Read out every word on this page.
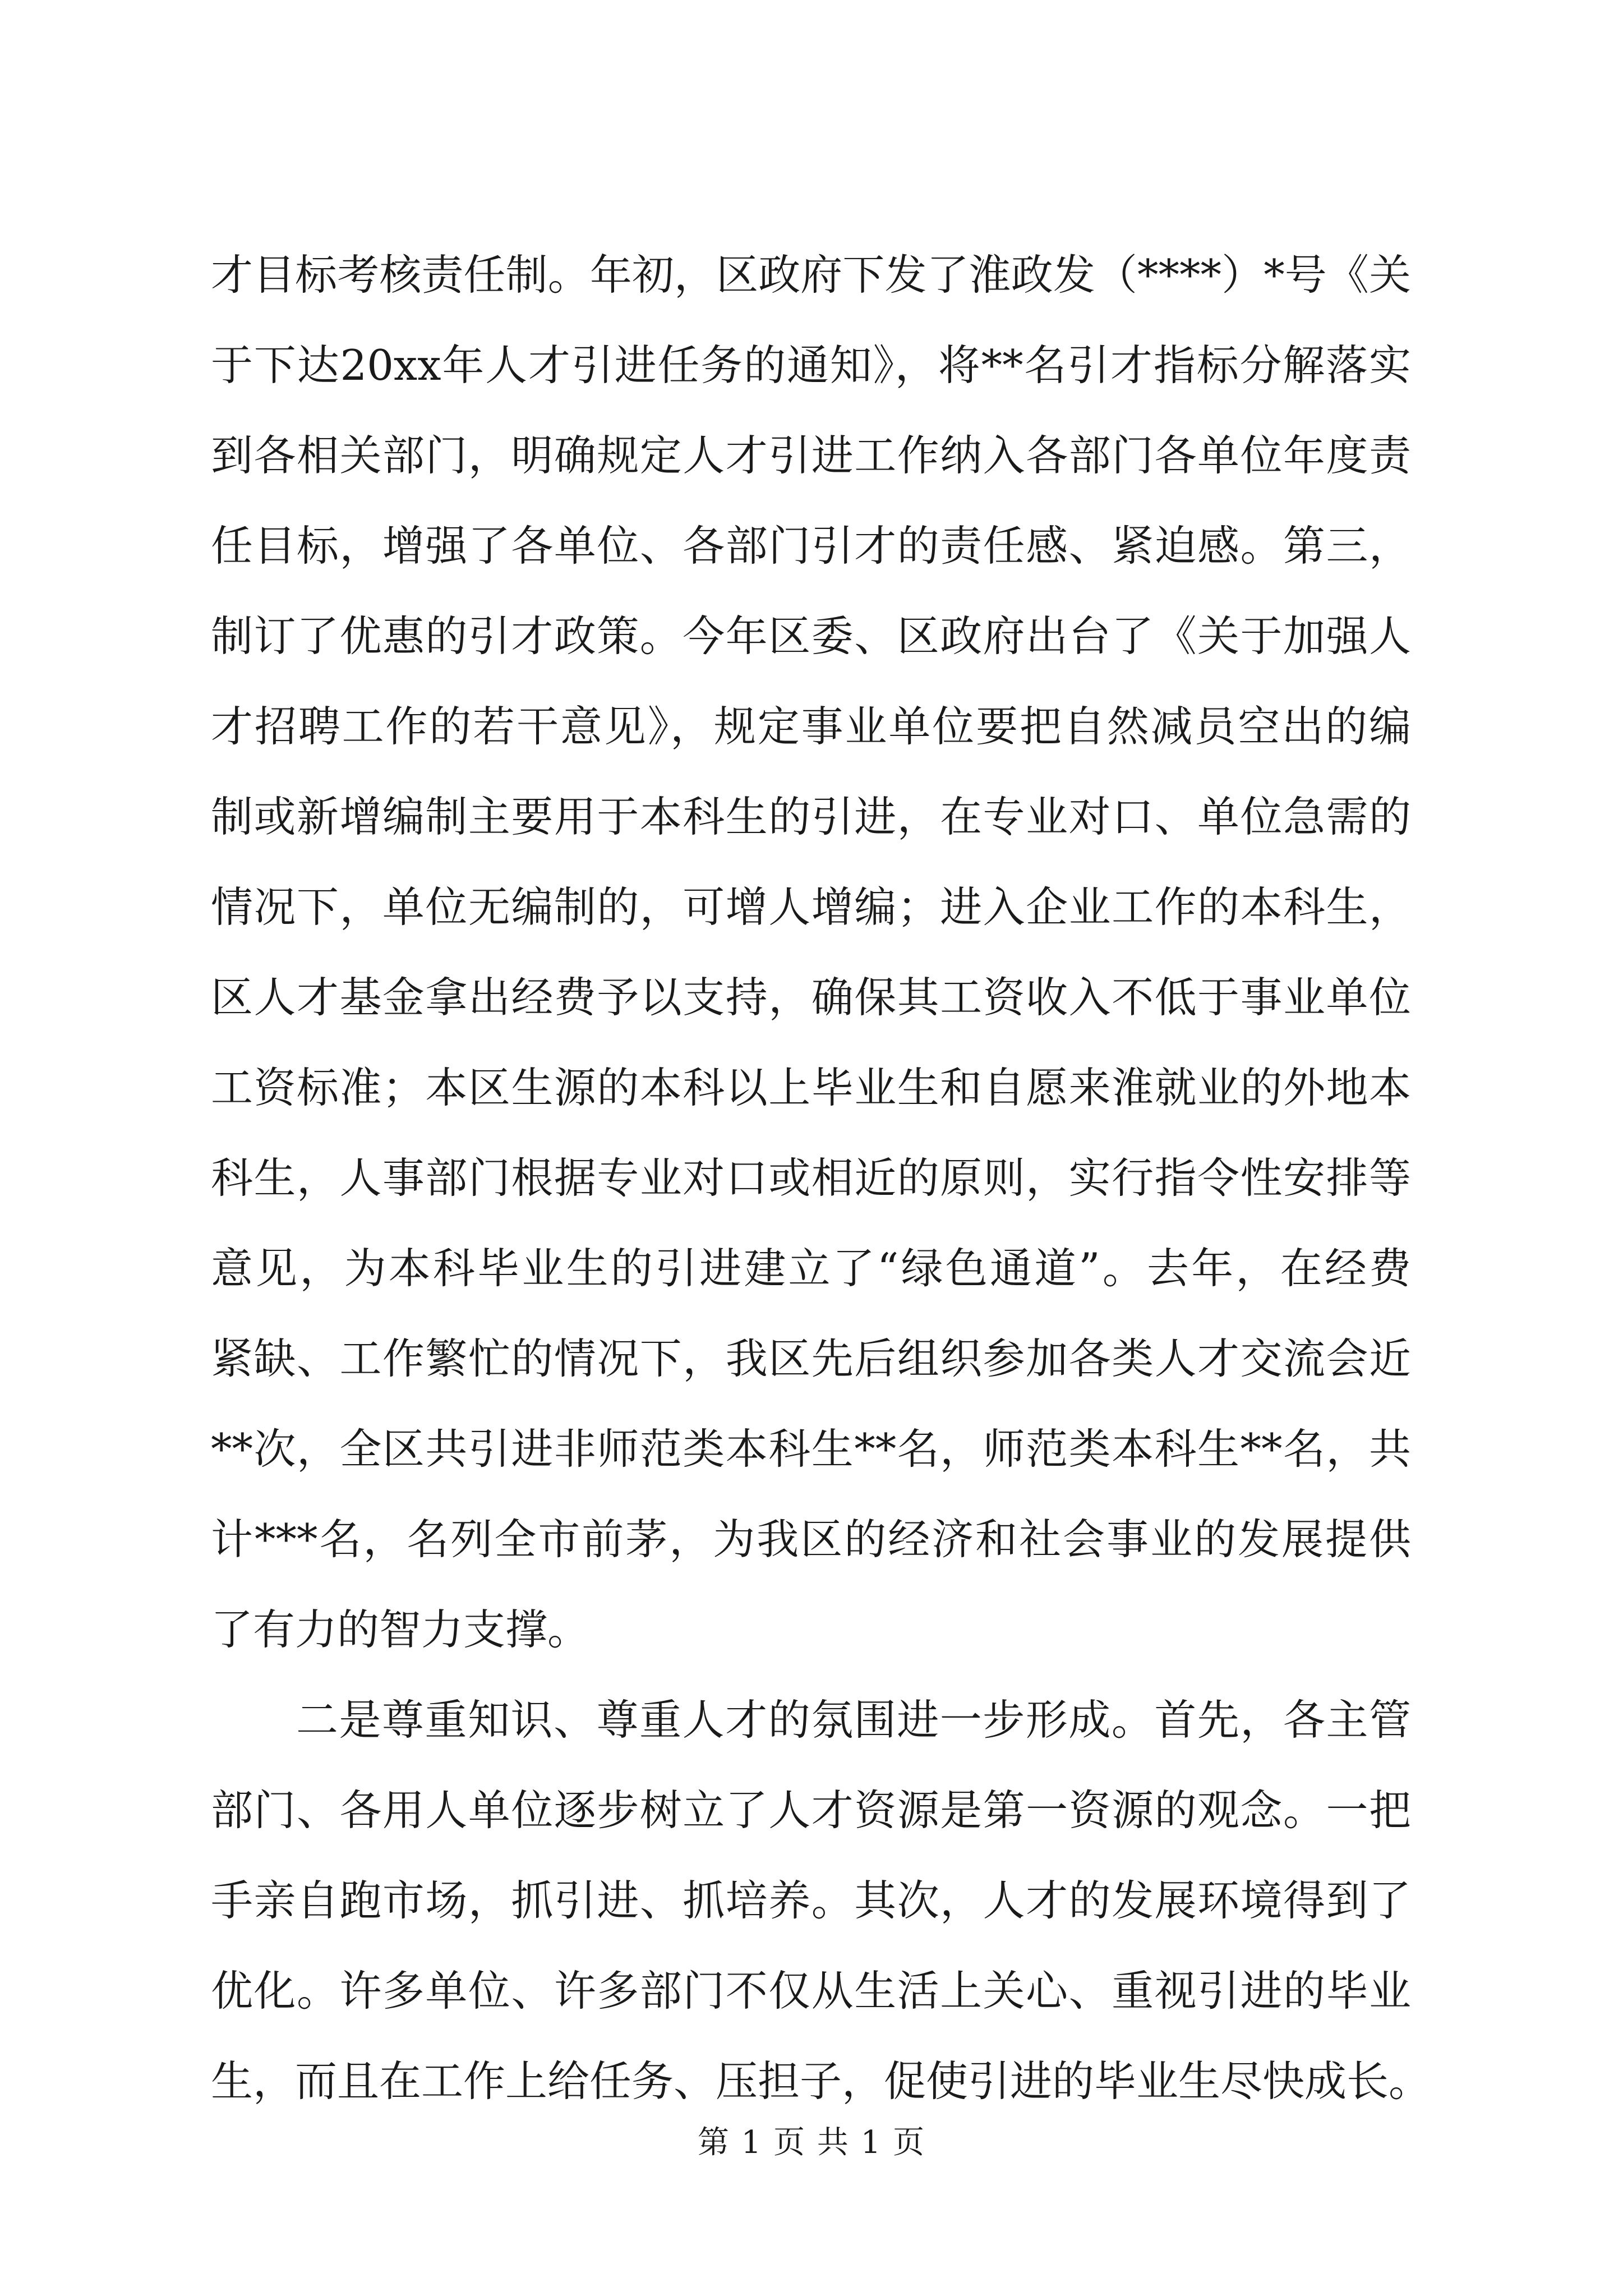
才目标考核责任制。年初，区政府下发了淮政发（****）*号《关
于下达20xx年人才引进任务的通知》，将**名引才指标分解落实
到各相关部门，明确规定人才引进工作纳入各部门各单位年度责
任目标，增强了各单位、各部门引才的责任感、紧迫感。第三，
制订了优惠的引才政策。今年区委、区政府出台了《关于加强人
才招聘工作的若干意见》，规定事业单位要把自然减员空出的编
制或新增编制主要用于本科生的引进，在专业对口、单位急需的
情况下，单位无编制的，可增人增编；进入企业工作的本科生，
区人才基金拿出经费予以支持，确保其工资收入不低于事业单位
工资标准；本区生源的本科以上毕业生和自愿来淮就业的外地本
科生，人事部门根据专业对口或相近的原则，实行指令性安排等
意见，为本科毕业生的引进建立了“绿色通道”。去年，在经费
紧缺、工作繁忙的情况下，我区先后组织参加各类人才交流会近
**次，全区共引进非师范类本科生**名，师范类本科生**名，共
计***名，名列全市前茅，为我区的经济和社会事业的发展提供
了有力的智力支撑。
二是尊重知识、尊重人才的氛围进一步形成。首先，各主管
部门、各用人单位逐步树立了人才资源是第一资源的观念。一把
手亲自跑市场，抓引进、抓培养。其次，人才的发展环境得到了
优化。许多单位、许多部门不仅从生活上关心、重视引进的毕业
生，而且在工作上给任务、压担子，促使引进的毕业生尽快成长。
第 1 页 共 1 页
